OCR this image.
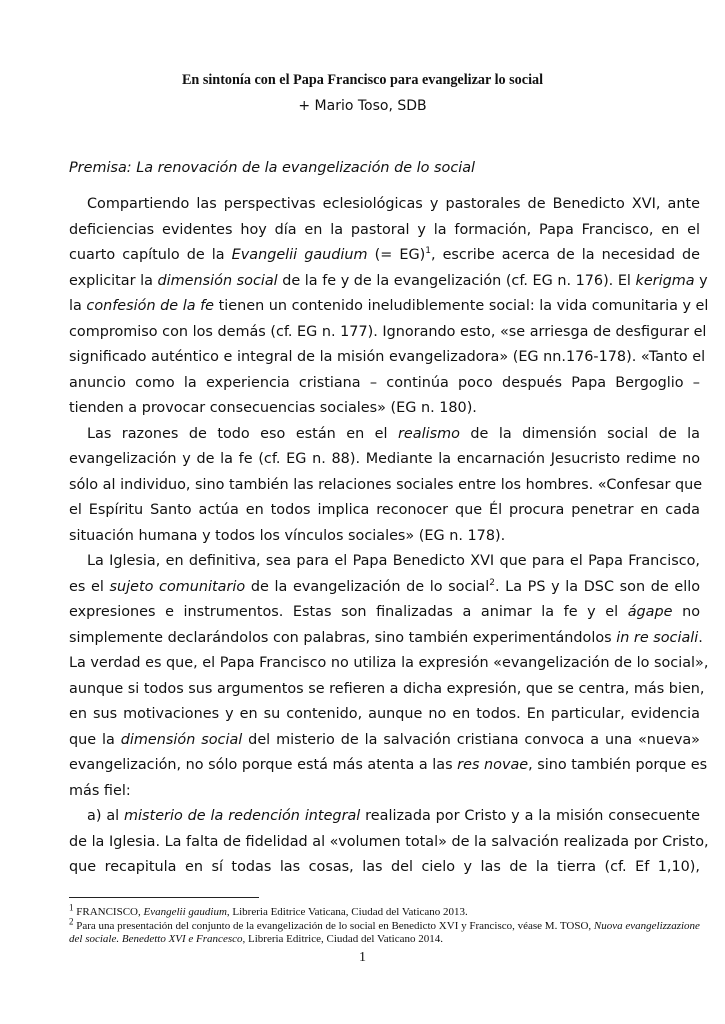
En sintonía con el Papa Francisco para evangelizar lo social
+ Mario Toso, SDB
Premisa: La renovación de la evangelización de lo social
Compartiendo las perspectivas eclesiológicas y pastorales de Benedicto XVI, ante
deficiencias evidentes hoy día en la pastoral y la formación, Papa Francisco, en el
cuarto capítulo de la Evangelii gaudium (= EG)$^1$, escribe acerca de la necesidad de
explicitar la dimensión social de la fe y de la evangelización (cf. EG n. 176). El kerigma y
la confesión de la fe tienen un contenido ineludiblemente social: la vida comunitaria y el
compromiso con los demás (cf. EG n. 177). Ignorando esto, «se arriesga de desfigurar el
significado auténtico e integral de la misión evangelizadora» (EG nn.176-178). «Tanto el
anuncio como la experiencia cristiana – continúa poco después Papa Bergoglio –
tienden a provocar consecuencias sociales» (EG n. 180).
Las razones de todo eso están en el realismo de la dimensión social de la
evangelización y de la fe (cf. EG n. 88). Mediante la encarnación Jesucristo redime no
sólo al individuo, sino también las relaciones sociales entre los hombres. «Confesar que
el Espíritu Santo actúa en todos implica reconocer que Él procura penetrar en cada
situación humana y todos los vínculos sociales» (EG n. 178).
La Iglesia, en definitiva, sea para el Papa Benedicto XVI que para el Papa Francisco,
es el sujeto comunitario de la evangelización de lo social$^2$. La PS y la DSC son de ello
expresiones e instrumentos. Estas son finalizadas a animar la fe y el ágape no
simplemente declarándolos con palabras, sino también experimentándolos in re sociali.
La verdad es que, el Papa Francisco no utiliza la expresión «evangelización de lo social»,
aunque si todos sus argumentos se refieren a dicha expresión, que se centra, más bien,
en sus motivaciones y en su contenido, aunque no en todos. En particular, evidencia
que la dimensión social del misterio de la salvación cristiana convoca a una «nueva»
evangelización, no sólo porque está más atenta a las res novae, sino también porque es
más fiel:
a) al misterio de la redención integral realizada por Cristo y a la misión consecuente
de la Iglesia. La falta de fidelidad al «volumen total» de la salvación realizada por Cristo,
que recapitula en sí todas las cosas, las del cielo y las de la tierra (cf. Ef 1,10),
$^1$ FRANCISCO, Evangelii gaudium, Libreria Editrice Vaticana, Ciudad del Vaticano 2013.
$^2$ Para una presentación del conjunto de la evangelización de lo social en Benedicto XVI y Francisco, véase M. TOSO, Nuova evangelizzazione del sociale. Benedetto XVI e Francesco, Libreria Editrice, Ciudad del Vaticano 2014.
1
